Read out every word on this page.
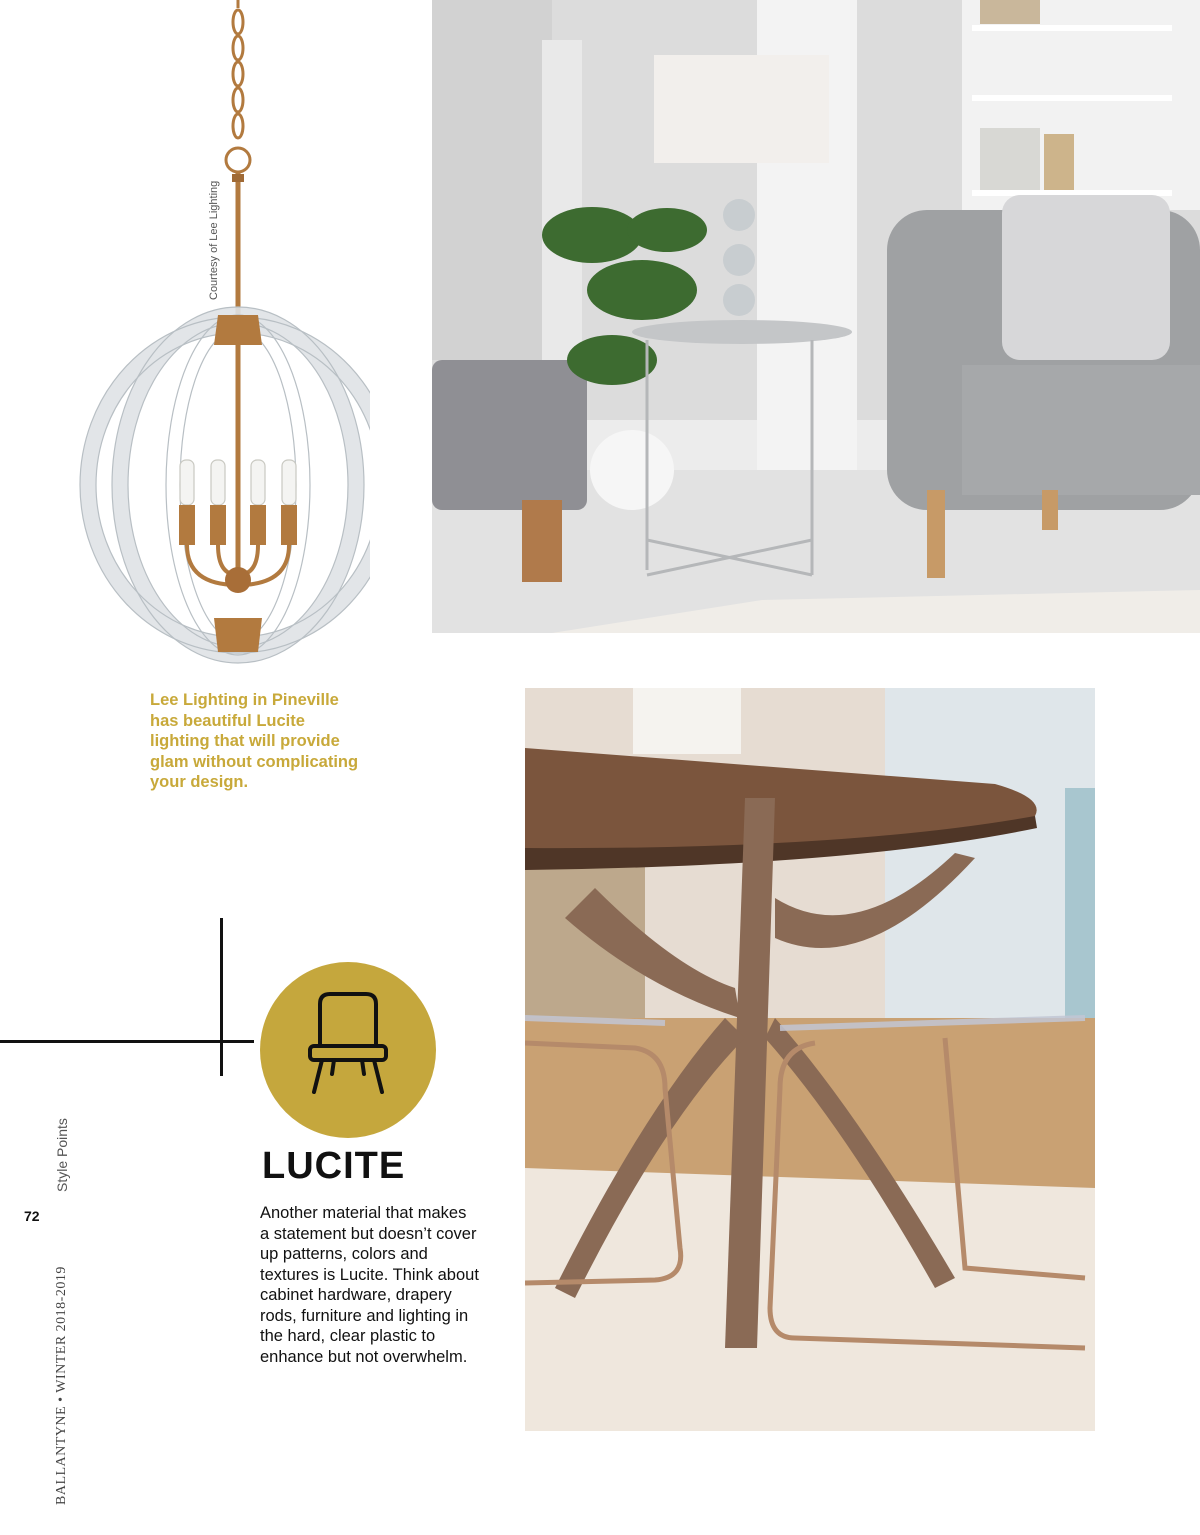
Courtesy of Lee Lighting
Lee Lighting in Pineville has beautiful Lucite lighting that will provide glam without complicating your design.
LUCITE
Another material that makes a statement but doesn’t cover up patterns, colors and textures is Lucite. Think about cabinet hardware, drapery rods, furniture and lighting in the hard, clear plastic to enhance but not overwhelm.
Style Points
72
BALLANTYNE • WINTER 2018-2019
